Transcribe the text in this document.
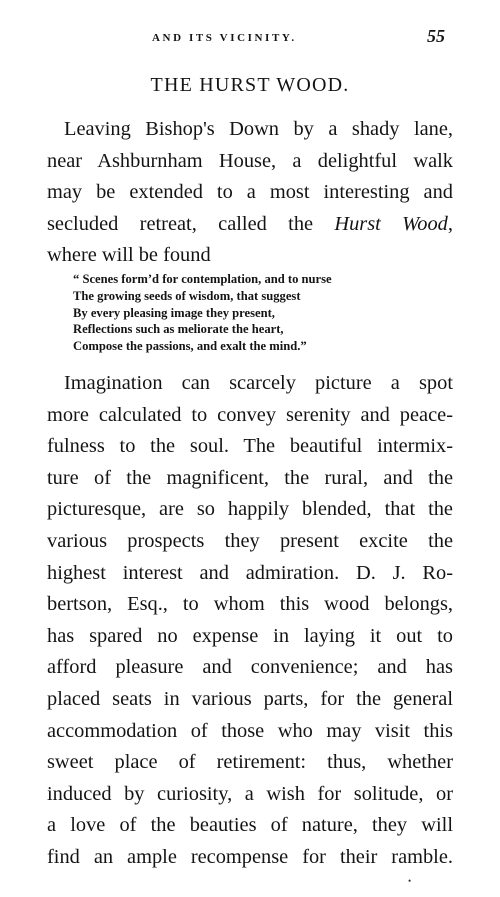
AND ITS VICINITY.	55
THE HURST WOOD.
Leaving Bishop's Down by a shady lane,
near Ashburnham House, a delightful walk
may be extended to a most interesting and
secluded retreat, called the Hurst Wood,
where will be found
“ Scenes form’d for contemplation, and to nurse
The growing seeds of wisdom, that suggest
By every pleasing image they present,
Reflections such as meliorate the heart,
Compose the passions, and exalt the mind.”
Imagination can scarcely picture a spot
more calculated to convey serenity and peace-
fulness to the soul. The beautiful intermix-
ture of the magnificent, the rural, and the
picturesque, are so happily blended, that the
various prospects they present excite the
highest interest and admiration. D. J. Ro-
bertson, Esq., to whom this wood belongs,
has spared no expense in laying it out to
afford pleasure and convenience; and has
placed seats in various parts, for the general
accommodation of those who may visit this
sweet place of retirement: thus, whether
induced by curiosity, a wish for solitude, or
a love of the beauties of nature, they will
find an ample recompense for their ramble.
•
